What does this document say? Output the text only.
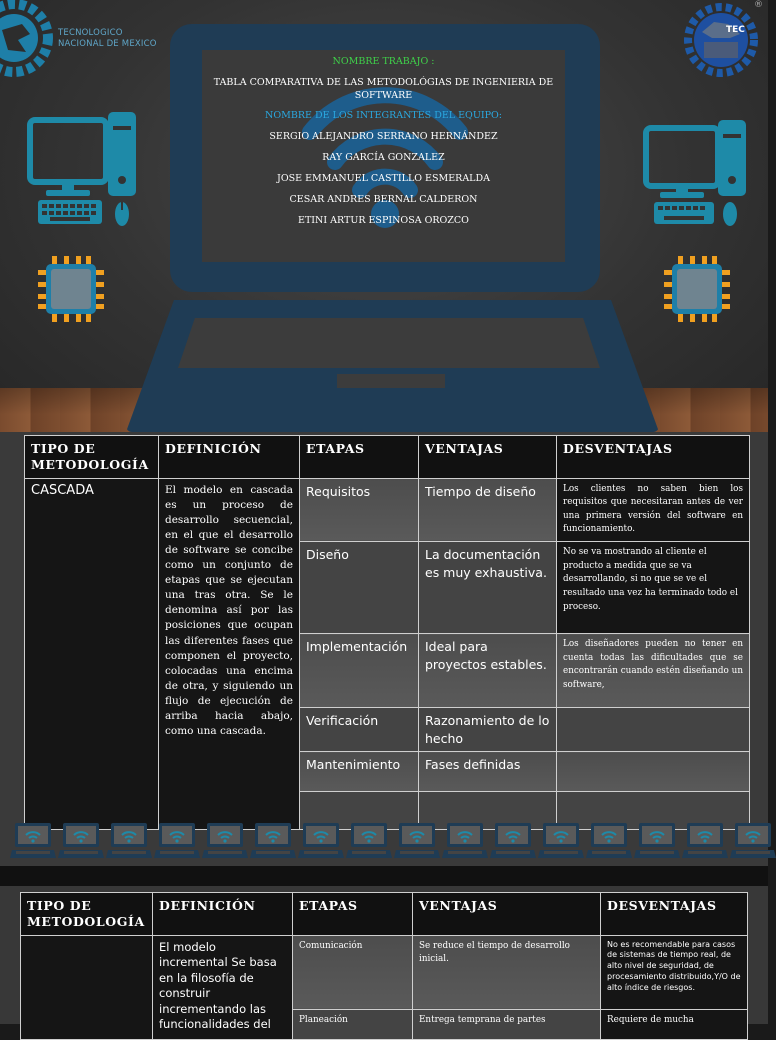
TECNOLOGICO
NACIONAL DE MEXICO
TEC
®
NOMBRE TRABAJO :
TABLA COMPARATIVA DE LAS METODOLÓGIAS DE INGENIERIA DE SOFTWARE
NOMBRE DE LOS INTEGRANTES DEL EQUIPO:
SERGIO ALEJANDRO SERRANO HERNÁNDEZ
RAY GARCÍA GONZALEZ
JOSE EMMANUEL CASTILLO ESMERALDA
CESAR ANDRES BERNAL CALDERON
ETINI ARTUR ESPINOSA OROZCO
TIPO DE METODOLOGÍA	DEFINICIÓN	ETAPAS	VENTAJAS	DESVENTAJAS
CASCADA	El modelo en cascada es un proceso de desarrollo secuencial, en el que el desarrollo de software se concibe como un conjunto de etapas que se ejecutan una tras otra. Se le denomina así por las posiciones que ocupan las diferentes fases que componen el proyecto, colocadas una encima de otra, y siguiendo un flujo de ejecución de arriba hacia abajo, como una cascada.	Requisitos	Tiempo de diseño	Los clientes no saben bien los requisitos que necesitaran antes de ver una primera versión del software en funcionamiento.
		Diseño	La documentación es muy exhaustiva.	No se va mostrando al cliente el producto a medida que se va desarrollando, si no que se ve el resultado una vez ha terminado todo el proceso.
		Implementación	Ideal para proyectos estables.	Los diseñadores pueden no tener en cuenta todas las dificultades que se encontrarán cuando estén diseñando un software,
		Verificación	Razonamiento de lo hecho	
		Mantenimiento	Fases definidas	

TIPO DE METODOLOGÍA	DEFINICIÓN	ETAPAS	VENTAJAS	DESVENTAJAS
	El modelo incremental Se basa en la filosofía de construir incrementando las funcionalidades del	Comunicación	Se reduce el tiempo de desarrollo inicial.	No es recomendable para casos de sistemas de tiempo real, de alto nivel de seguridad, de procesamiento distribuido,Y/O de alto índice de riesgos.
		Planeación	Entrega temprana de partes	Requiere de mucha
